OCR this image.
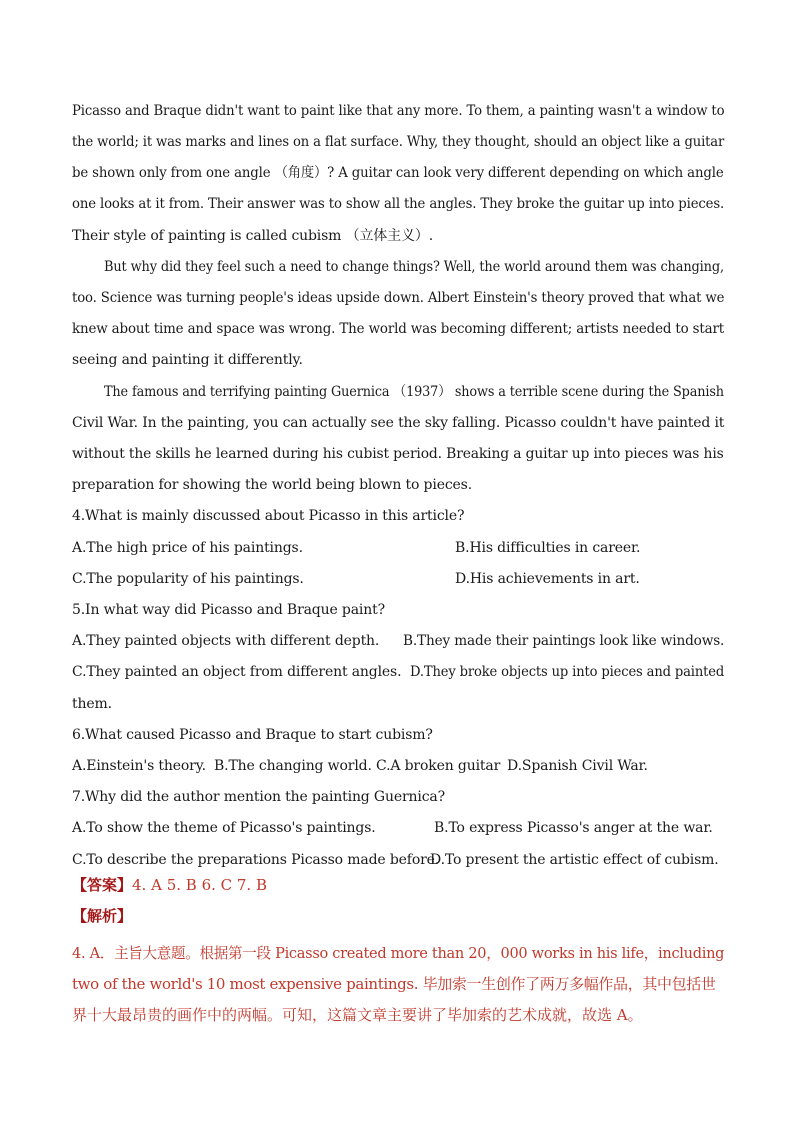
Picasso and Braque didn't want to paint like that any more. To them, a painting wasn't a window to
the world; it was marks and lines on a flat surface. Why, they thought, should an object like a guitar
be shown only from one angle （角度）? A guitar can look very different depending on which angle
one looks at it from. Their answer was to show all the angles. They broke the guitar up into pieces.
Their style of painting is called cubism （立体主义）.
But why did they feel such a need to change things? Well, the world around them was changing,
too. Science was turning people's ideas upside down. Albert Einstein's theory proved that what we
knew about time and space was wrong. The world was becoming different; artists needed to start
seeing and painting it differently.
The famous and terrifying painting Guernica （1937） shows a terrible scene during the Spanish
Civil War. In the painting, you can actually see the sky falling. Picasso couldn't have painted it
without the skills he learned during his cubist period. Breaking a guitar up into pieces was his
preparation for showing the world being blown to pieces.
4.What is mainly discussed about Picasso in this article?
A.The high price of his paintings.	B.His difficulties in career.
C.The popularity of his paintings.	D.His achievements in art.
5.In what way did Picasso and Braque paint?
A.They painted objects with different depth. B.They made their paintings look like windows.
C.They painted an object from different angles. D.They broke objects up into pieces and painted
them.
6.What caused Picasso and Braque to start cubism?
A.Einstein's theory. B.The changing world. C.A broken guitar D.Spanish Civil War.
7.Why did the author mention the painting Guernica?
A.To show the theme of Picasso's paintings.	B.To express Picasso's anger at the war.
C.To describe the preparations Picasso made before.
D.To present the artistic effect of cubism.
【答案】4. A 5. B 6. C 7. B
【解析】
4. A．主旨大意题。根据第一段 Picasso created more than 20，000 works in his life，including
two of the world's 10 most expensive paintings. 毕加索一生创作了两万多幅作品，其中包括世
界十大最昂贵的画作中的两幅。可知，这篇文章主要讲了毕加索的艺术成就，故选 A。
